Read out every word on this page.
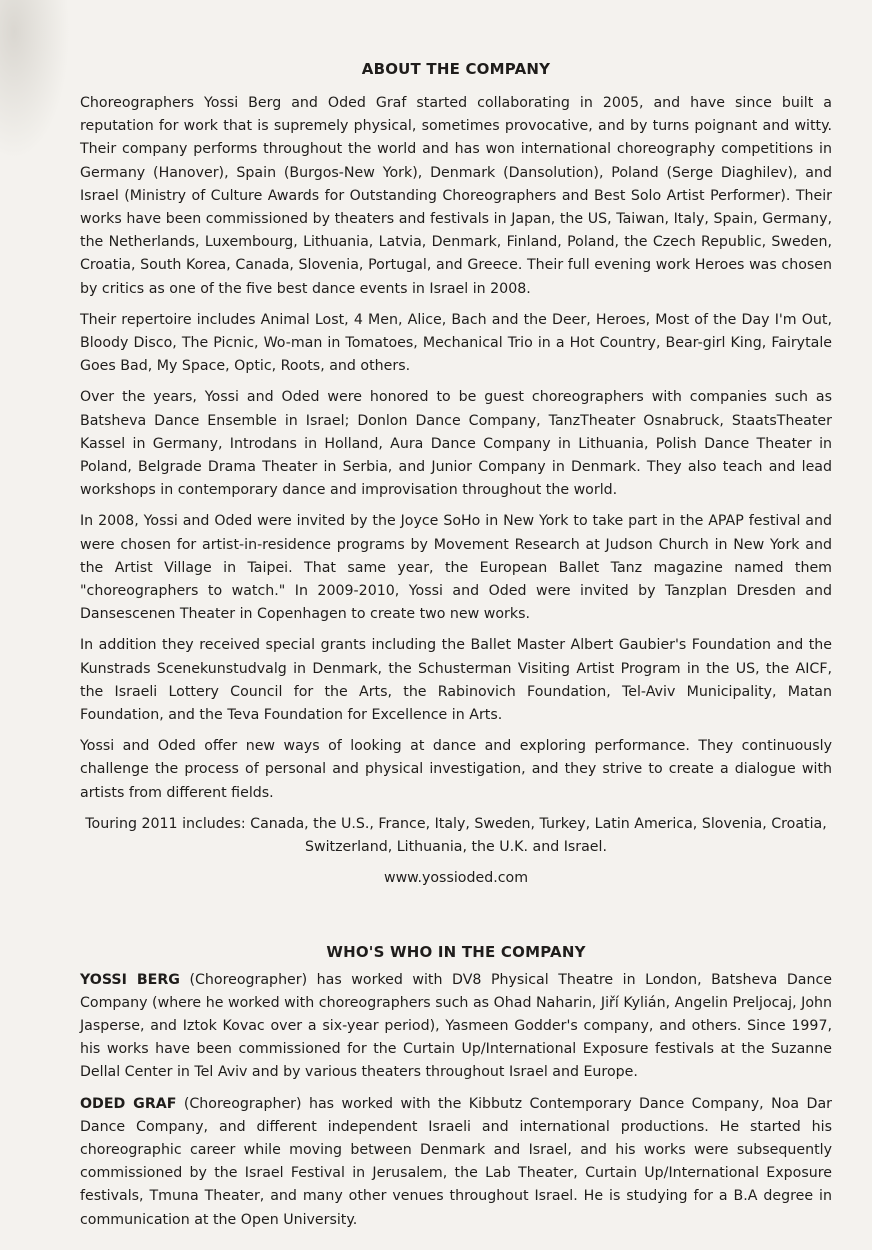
ABOUT THE COMPANY

Choreographers Yossi Berg and Oded Graf started collaborating in 2005, and have since built a reputation for work that is supremely physical, sometimes provocative, and by turns poignant and witty. Their company performs throughout the world and has won international choreography competitions in Germany (Hanover), Spain (Burgos-New York), Denmark (Dansolution), Poland (Serge Diaghilev), and Israel (Ministry of Culture Awards for Outstanding Choreographers and Best Solo Artist Performer). Their works have been commissioned by theaters and festivals in Japan, the US, Taiwan, Italy, Spain, Germany, the Netherlands, Luxembourg, Lithuania, Latvia, Denmark, Finland, Poland, the Czech Republic, Sweden, Croatia, South Korea, Canada, Slovenia, Portugal, and Greece. Their full evening work Heroes was chosen by critics as one of the five best dance events in Israel in 2008.

Their repertoire includes Animal Lost, 4 Men, Alice, Bach and the Deer, Heroes, Most of the Day I'm Out, Bloody Disco, The Picnic, Wo-man in Tomatoes, Mechanical Trio in a Hot Country, Bear-girl King, Fairytale Goes Bad, My Space, Optic, Roots, and others.

Over the years, Yossi and Oded were honored to be guest choreographers with companies such as Batsheva Dance Ensemble in Israel; Donlon Dance Company, TanzTheater Osnabruck, StaatsTheater Kassel in Germany, Introdans in Holland, Aura Dance Company in Lithuania, Polish Dance Theater in Poland, Belgrade Drama Theater in Serbia, and Junior Company in Denmark. They also teach and lead workshops in contemporary dance and improvisation throughout the world.

In 2008, Yossi and Oded were invited by the Joyce SoHo in New York to take part in the APAP festival and were chosen for artist-in-residence programs by Movement Research at Judson Church in New York and the Artist Village in Taipei. That same year, the European Ballet Tanz magazine named them "choreographers to watch." In 2009-2010, Yossi and Oded were invited by Tanzplan Dresden and Dansescenen Theater in Copenhagen to create two new works.

In addition they received special grants including the Ballet Master Albert Gaubier's Foundation and the Kunstrads Scenekunstudvalg in Denmark, the Schusterman Visiting Artist Program in the US, the AICF, the Israeli Lottery Council for the Arts, the Rabinovich Foundation, Tel-Aviv Municipality, Matan Foundation, and the Teva Foundation for Excellence in Arts.

Yossi and Oded offer new ways of looking at dance and exploring performance. They continuously challenge the process of personal and physical investigation, and they strive to create a dialogue with artists from different fields.

Touring 2011 includes: Canada, the U.S., France, Italy, Sweden, Turkey, Latin America, Slovenia, Croatia, Switzerland, Lithuania, the U.K. and Israel.

www.yossioded.com

WHO'S WHO IN THE COMPANY

YOSSI BERG (Choreographer) has worked with DV8 Physical Theatre in London, Batsheva Dance Company (where he worked with choreographers such as Ohad Naharin, Jiří Kylián, Angelin Preljocaj, John Jasperse, and Iztok Kovac over a six-year period), Yasmeen Godder's company, and others. Since 1997, his works have been commissioned for the Curtain Up/International Exposure festivals at the Suzanne Dellal Center in Tel Aviv and by various theaters throughout Israel and Europe.

ODED GRAF (Choreographer) has worked with the Kibbutz Contemporary Dance Company, Noa Dar Dance Company, and different independent Israeli and international productions. He started his choreographic career while moving between Denmark and Israel, and his works were subsequently commissioned by the Israel Festival in Jerusalem, the Lab Theater, Curtain Up/International Exposure festivals, Tmuna Theater, and many other venues throughout Israel. He is studying for a B.A degree in communication at the Open University.
